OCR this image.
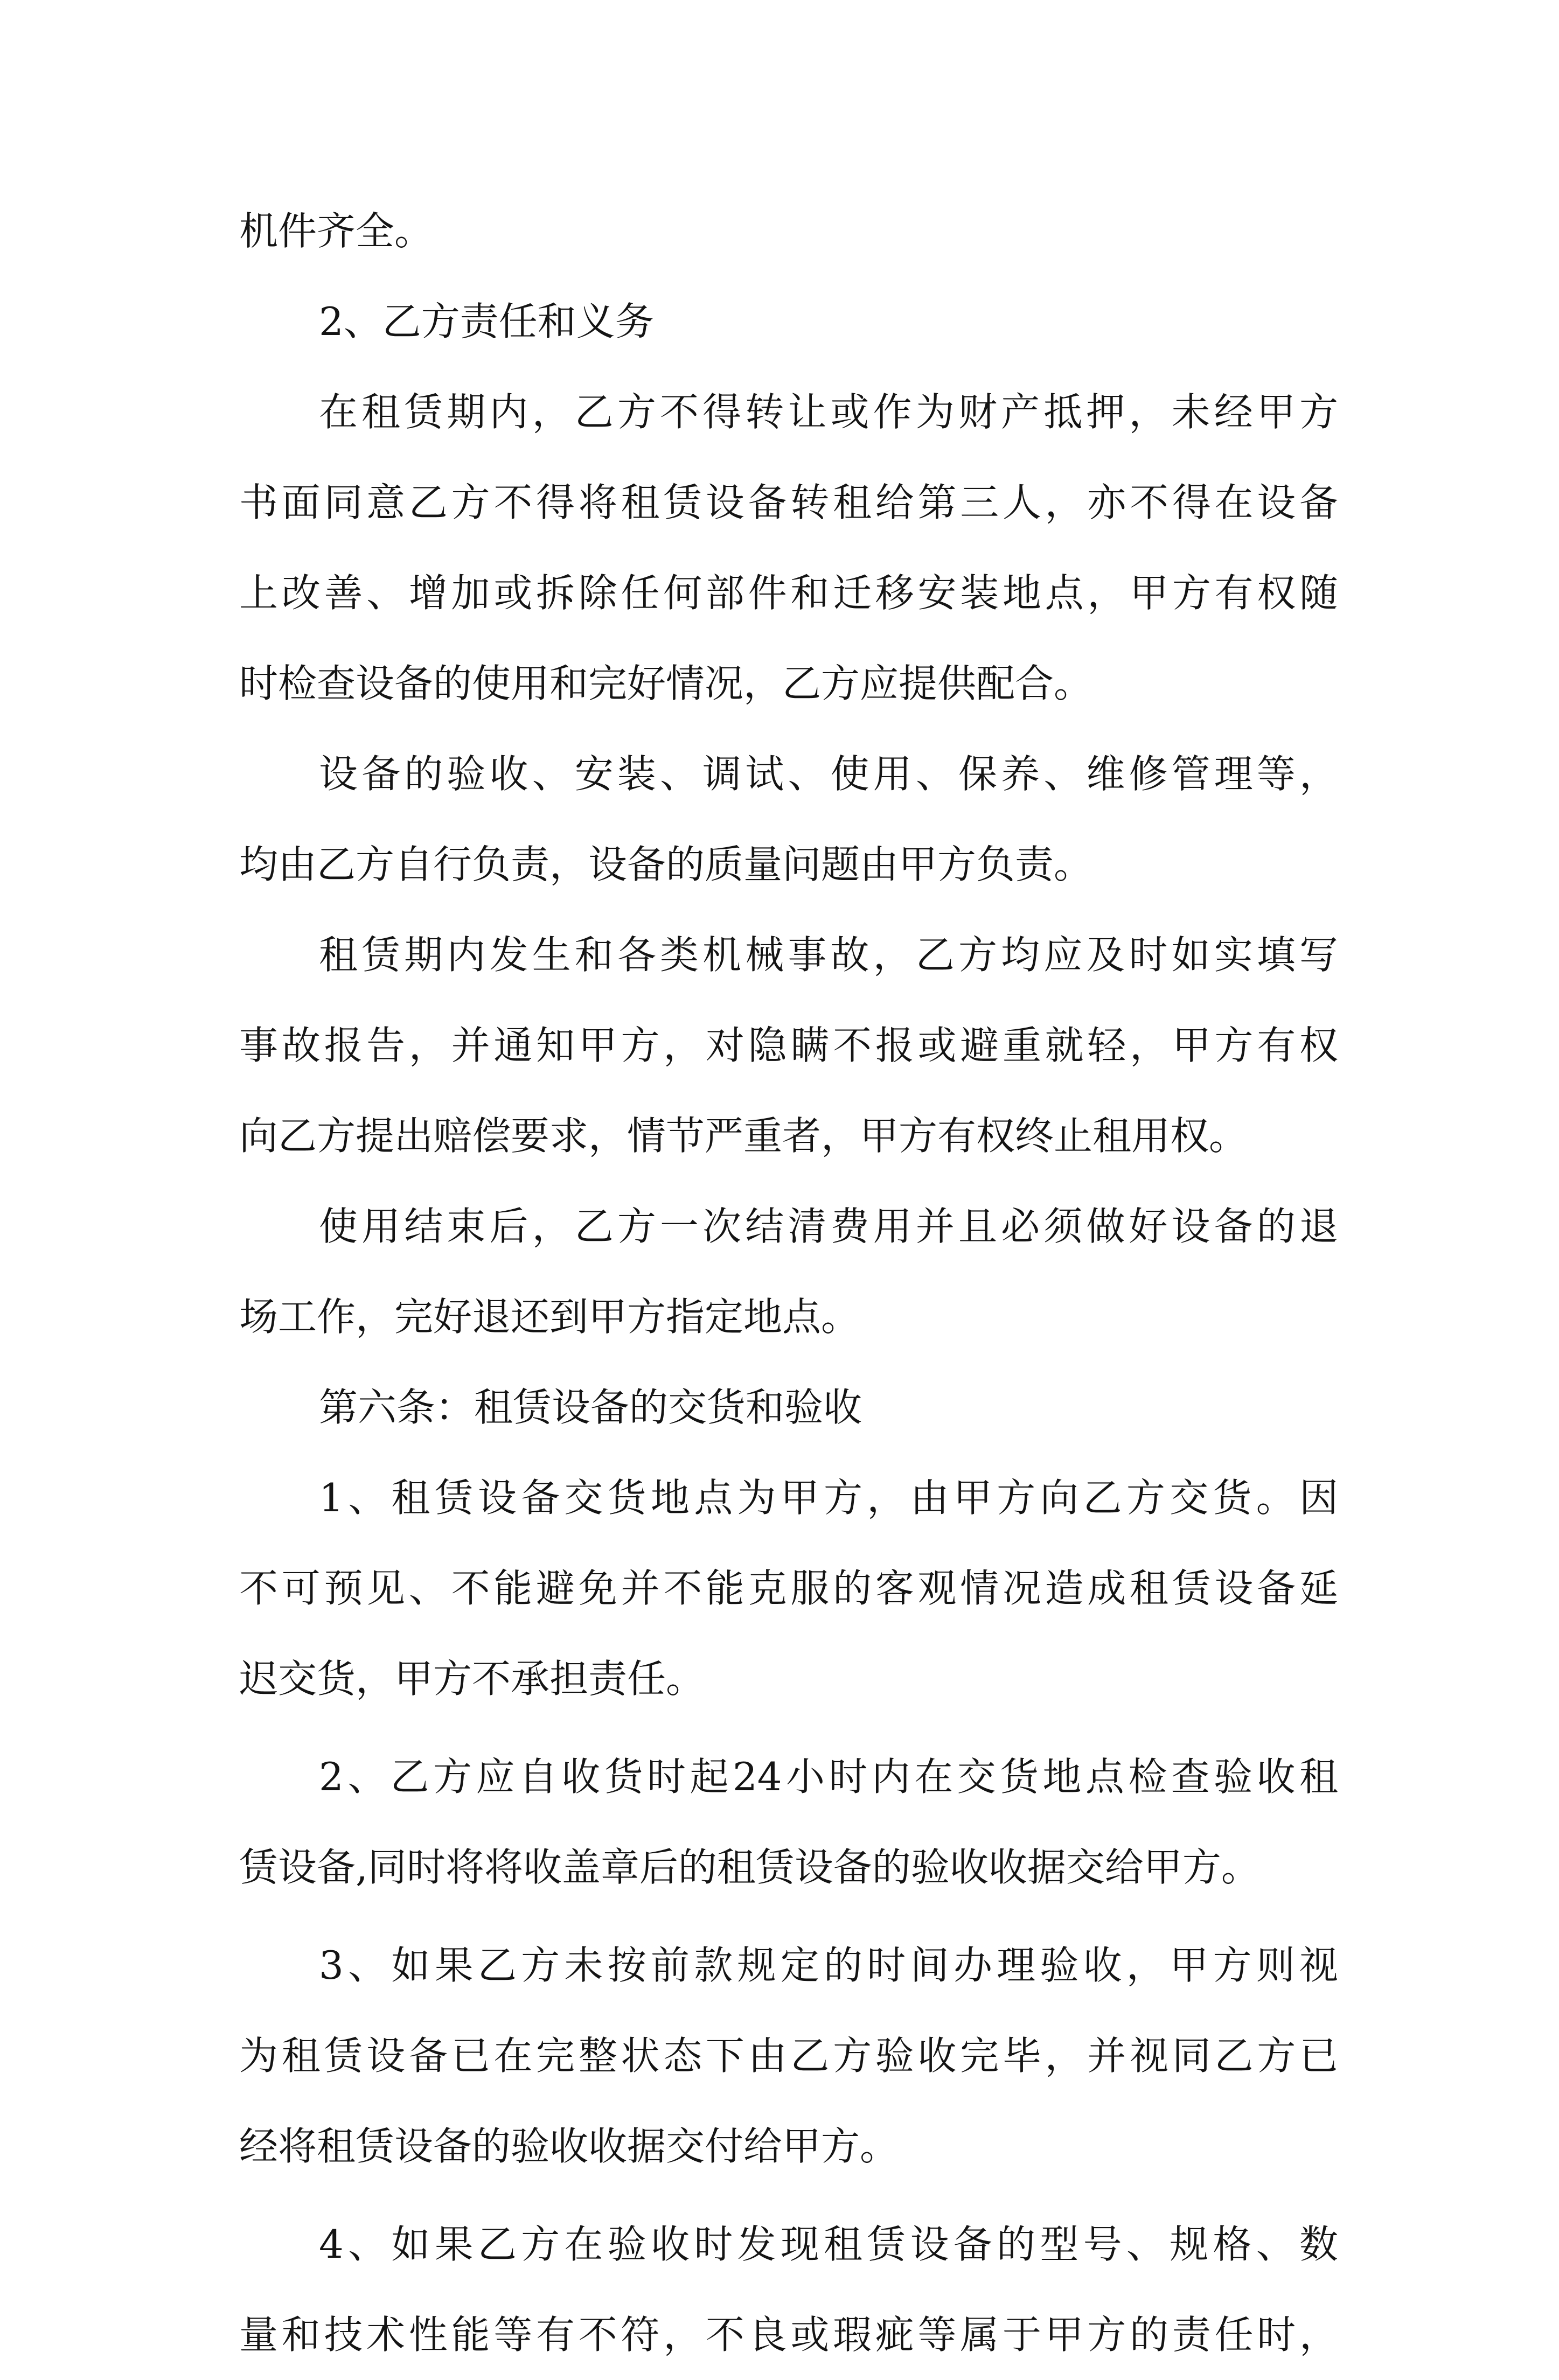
机件齐全。
2、乙方责任和义务
在租赁期内，乙方不得转让或作为财产抵押，未经甲方
书面同意乙方不得将租赁设备转租给第三人，亦不得在设备
上改善、增加或拆除任何部件和迁移安装地点，甲方有权随
时检查设备的使用和完好情况，乙方应提供配合。
设备的验收、安装、调试、使用、保养、维修管理等，
均由乙方自行负责，设备的质量问题由甲方负责。
租赁期内发生和各类机械事故，乙方均应及时如实填写
事故报告，并通知甲方，对隐瞒不报或避重就轻，甲方有权
向乙方提出赔偿要求，情节严重者，甲方有权终止租用权。
使用结束后，乙方一次结清费用并且必须做好设备的退
场工作，完好退还到甲方指定地点。
第六条：租赁设备的交货和验收
1、租赁设备交货地点为甲方，由甲方向乙方交货。因
不可预见、不能避免并不能克服的客观情况造成租赁设备延
迟交货，甲方不承担责任。
2、乙方应自收货时起24小时内在交货地点检查验收租
赁设备,同时将将收盖章后的租赁设备的验收收据交给甲方。
3、如果乙方未按前款规定的时间办理验收，甲方则视
为租赁设备已在完整状态下由乙方验收完毕，并视同乙方已
经将租赁设备的验收收据交付给甲方。
4、如果乙方在验收时发现租赁设备的型号、规格、数
量和技术性能等有不符，不良或瑕疵等属于甲方的责任时，
